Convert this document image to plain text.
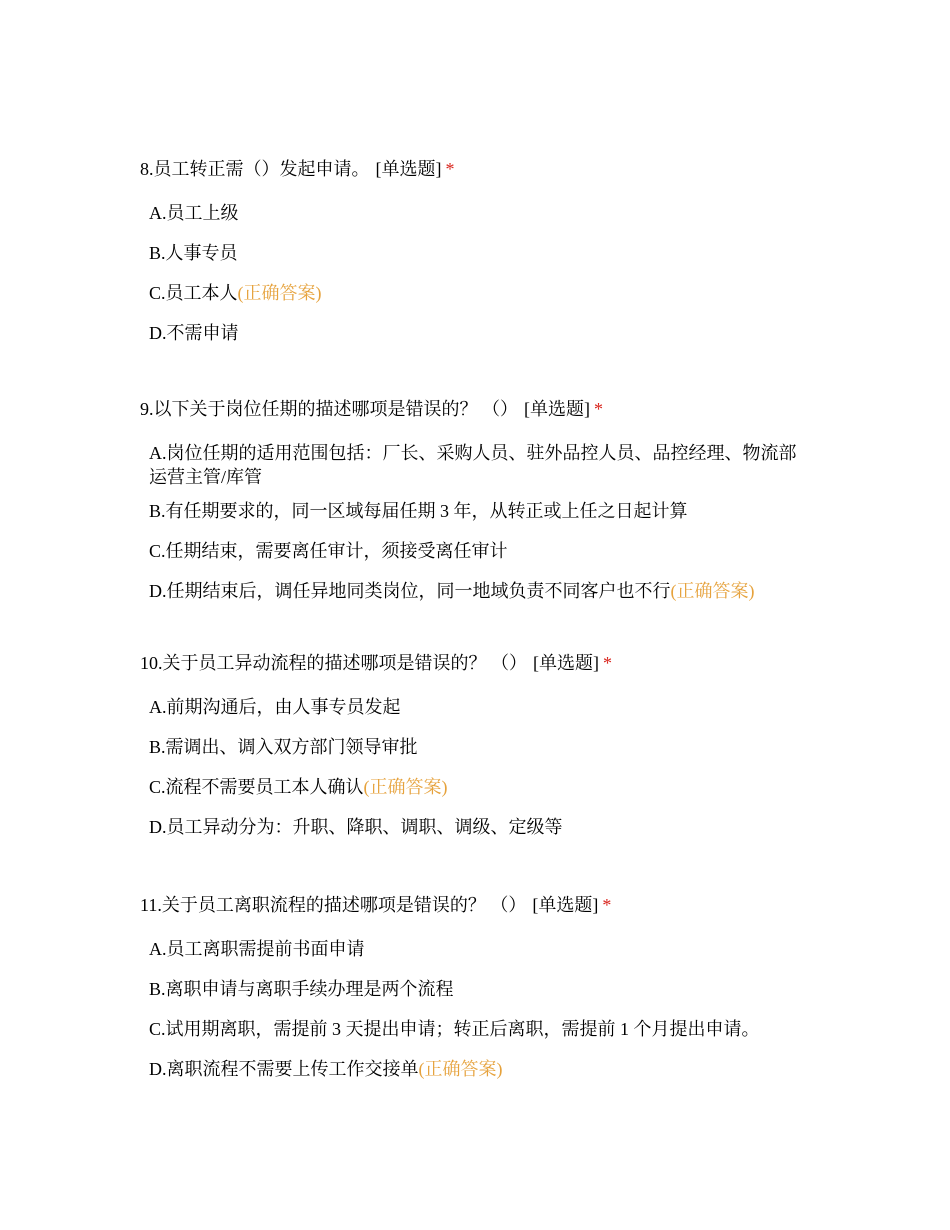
8.员工转正需（）发起申请。 [单选题] *
A.员工上级
B.人事专员
C.员工本人(正确答案)
D.不需申请
9.以下关于岗位任期的描述哪项是错误的？ （） [单选题] *
A.岗位任期的适用范围包括：厂长、采购人员、驻外品控人员、品控经理、物流部运营主管/库管
B.有任期要求的，同一区域每届任期 3 年，从转正或上任之日起计算
C.任期结束，需要离任审计，须接受离任审计
D.任期结束后，调任异地同类岗位，同一地域负责不同客户也不行(正确答案)
10.关于员工异动流程的描述哪项是错误的？ （） [单选题] *
A.前期沟通后，由人事专员发起
B.需调出、调入双方部门领导审批
C.流程不需要员工本人确认(正确答案)
D.员工异动分为：升职、降职、调职、调级、定级等
11.关于员工离职流程的描述哪项是错误的？ （） [单选题] *
A.员工离职需提前书面申请
B.离职申请与离职手续办理是两个流程
C.试用期离职，需提前 3 天提出申请；转正后离职，需提前 1 个月提出申请。
D.离职流程不需要上传工作交接单(正确答案)
